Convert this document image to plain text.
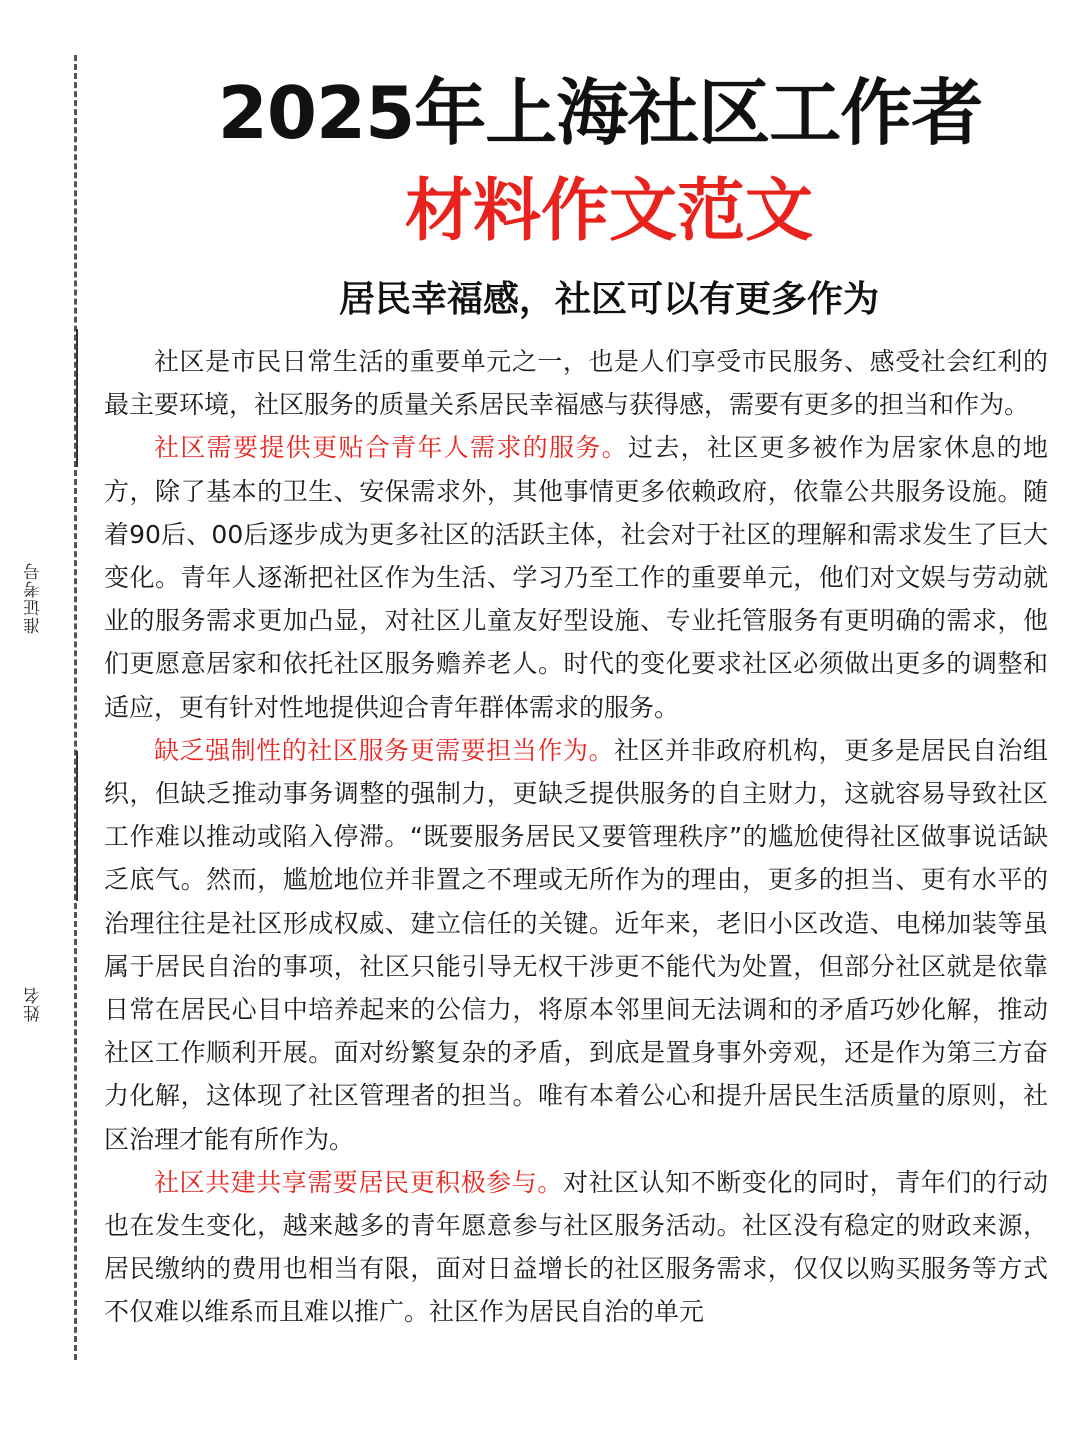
准证考号
姓名
2025年上海社区工作者
材料作文范文
居民幸福感，社区可以有更多作为

社区是市民日常生活的重要单元之一，也是人们享受市民服务、感受社会红利的最主要环境，社区服务的质量关系居民幸福感与获得感，需要有更多的担当和作为。

社区需要提供更贴合青年人需求的服务。过去，社区更多被作为居家休息的地方，除了基本的卫生、安保需求外，其他事情更多依赖政府，依靠公共服务设施。随着90后、00后逐步成为更多社区的活跃主体，社会对于社区的理解和需求发生了巨大变化。青年人逐渐把社区作为生活、学习乃至工作的重要单元，他们对文娱与劳动就业的服务需求更加凸显，对社区儿童友好型设施、专业托管服务有更明确的需求，他们更愿意居家和依托社区服务赡养老人。时代的变化要求社区必须做出更多的调整和适应，更有针对性地提供迎合青年群体需求的服务。

缺乏强制性的社区服务更需要担当作为。社区并非政府机构，更多是居民自治组织，但缺乏推动事务调整的强制力，更缺乏提供服务的自主财力，这就容易导致社区工作难以推动或陷入停滞。“既要服务居民又要管理秩序”的尴尬使得社区做事说话缺乏底气。然而，尴尬地位并非置之不理或无所作为的理由，更多的担当、更有水平的治理往往是社区形成权威、建立信任的关键。近年来，老旧小区改造、电梯加装等虽属于居民自治的事项，社区只能引导无权干涉更不能代为处置，但部分社区就是依靠日常在居民心目中培养起来的公信力，将原本邻里间无法调和的矛盾巧妙化解，推动社区工作顺利开展。面对纷繁复杂的矛盾，到底是置身事外旁观，还是作为第三方奋力化解，这体现了社区管理者的担当。唯有本着公心和提升居民生活质量的原则，社区治理才能有所作为。

社区共建共享需要居民更积极参与。对社区认知不断变化的同时，青年们的行动也在发生变化，越来越多的青年愿意参与社区服务活动。社区没有稳定的财政来源，居民缴纳的费用也相当有限，面对日益增长的社区服务需求，仅仅以购买服务等方式不仅难以维系而且难以推广。社区作为居民自治的单元
